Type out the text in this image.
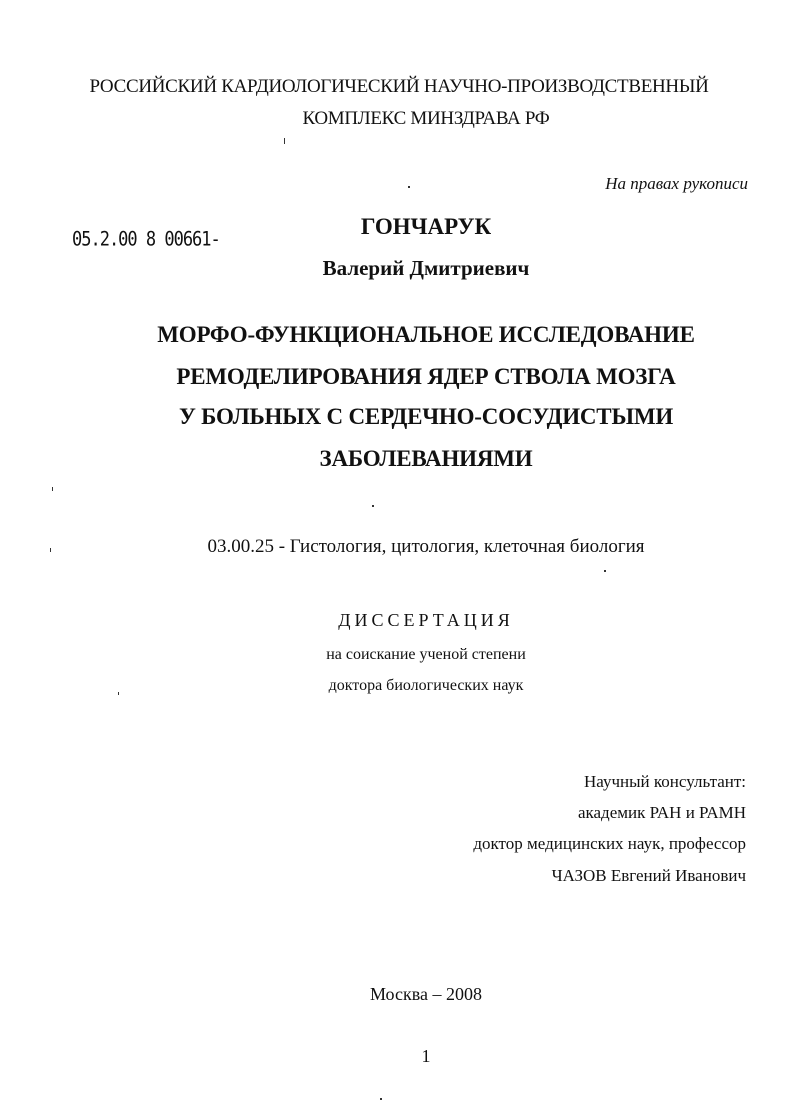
РОССИЙСКИЙ КАРДИОЛОГИЧЕСКИЙ НАУЧНО-ПРОИЗВОДСТВЕННЫЙ
КОМПЛЕКС МИНЗДРАВА РФ
На правах рукописи
05.2.00 8 00661-
ГОНЧАРУК
Валерий Дмитриевич
МОРФО-ФУНКЦИОНАЛЬНОЕ ИССЛЕДОВАНИЕ
РЕМОДЕЛИРОВАНИЯ ЯДЕР СТВОЛА МОЗГА
У БОЛЬНЫХ С СЕРДЕЧНО-СОСУДИСТЫМИ
ЗАБОЛЕВАНИЯМИ
03.00.25 - Гистология, цитология, клеточная биология
ДИССЕРТАЦИЯ
на соискание ученой степени
доктора биологических наук
Научный консультант:
академик РАН и РАМН
доктор медицинских наук, профессор
ЧАЗОВ Евгений Иванович
Москва – 2008
1
